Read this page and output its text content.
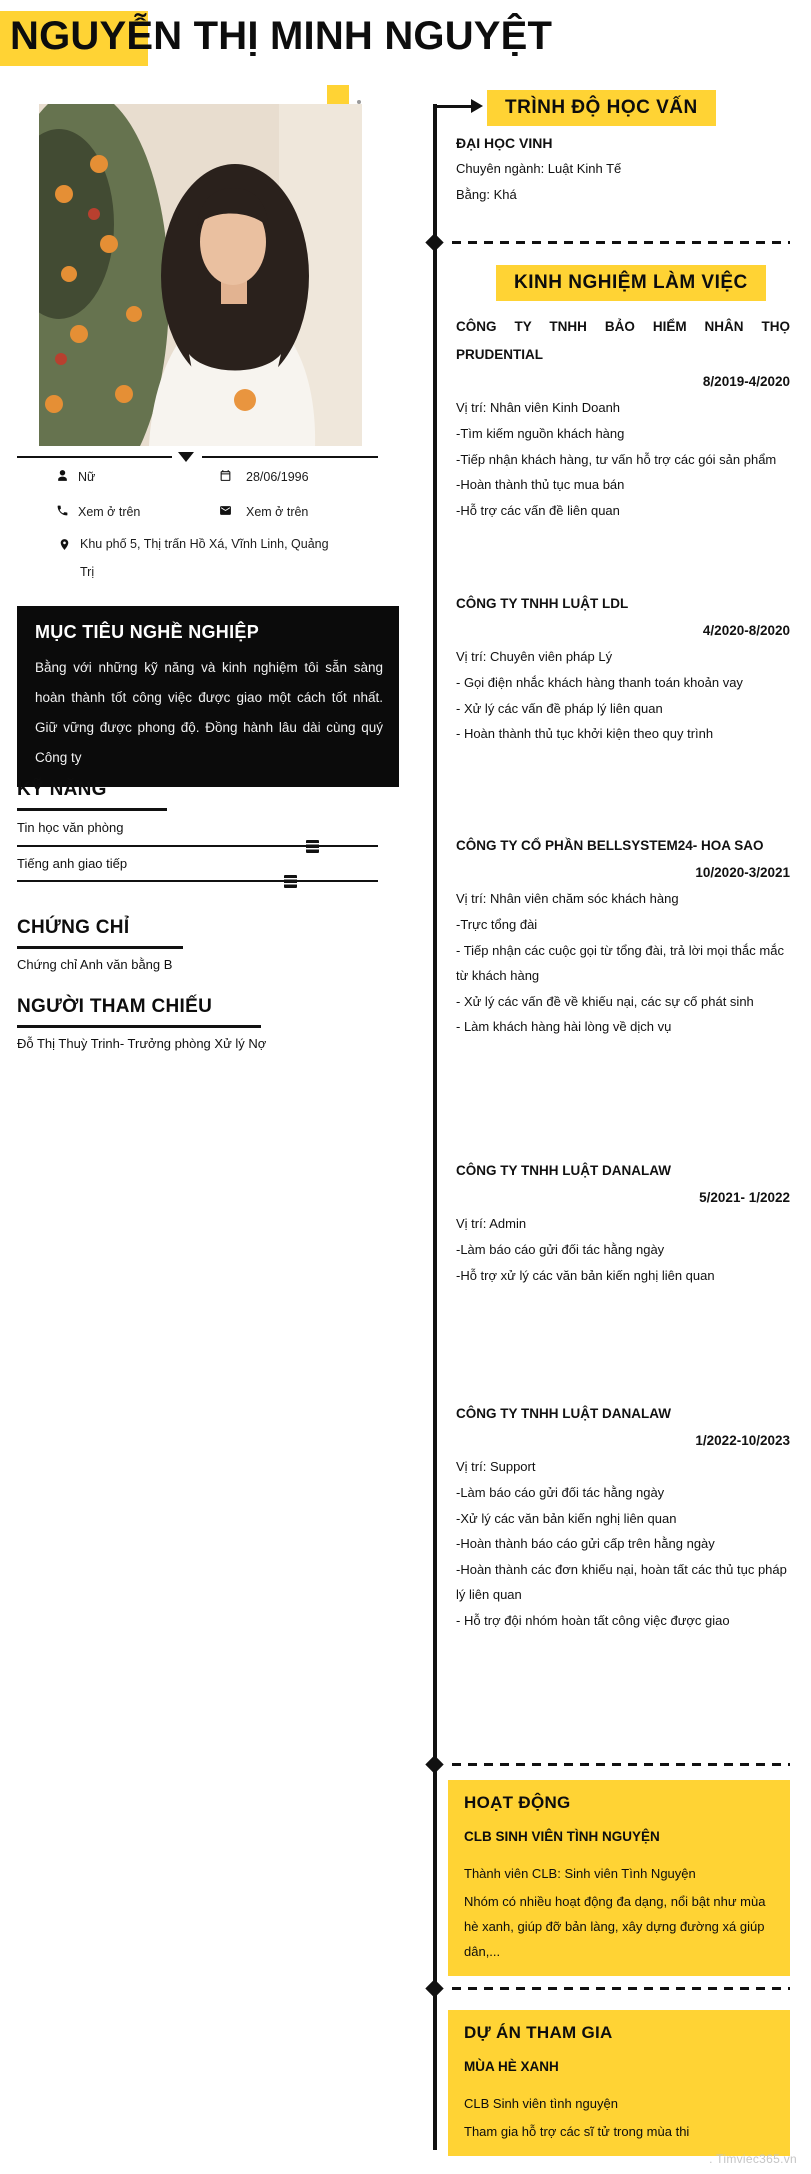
NGUYỄN THỊ MINH NGUYỆT
Nữ	28/06/1996
Xem ở trên	Xem ở trên
Khu phố 5, Thị trấn Hồ Xá, Vĩnh Linh, Quảng Trị
MỤC TIÊU NGHỀ NGHIỆP
Bằng với những kỹ năng và kinh nghiệm tôi sẵn sàng hoàn thành tốt công việc được giao một cách tốt nhất. Giữ vững được phong độ. Đồng hành lâu dài cùng quý Công ty
KỸ NĂNG
Tin học văn phòng
Tiếng anh giao tiếp
CHỨNG CHỈ
Chứng chỉ Anh văn bằng B
NGƯỜI THAM CHIẾU
Đỗ Thị Thuỳ Trinh- Trưởng phòng Xử lý Nợ
TRÌNH ĐỘ HỌC VẤN
ĐẠI HỌC VINH
Chuyên ngành: Luật Kinh Tế
Bằng: Khá
KINH NGHIỆM LÀM VIỆC
CÔNG TY TNHH BẢO HIỂM NHÂN THỌ PRUDENTIAL
8/2019-4/2020
Vị trí: Nhân viên Kinh Doanh
-Tìm kiếm nguồn khách hàng
-Tiếp nhận khách hàng, tư vấn hỗ trợ các gói sản phẩm
-Hoàn thành thủ tục mua bán
-Hỗ trợ các vấn đề liên quan
CÔNG TY TNHH LUẬT LDL
4/2020-8/2020
Vị trí: Chuyên viên pháp Lý
- Gọi điện nhắc khách hàng thanh toán khoản vay
- Xử lý các vấn đề pháp lý liên quan
- Hoàn thành thủ tục khởi kiện theo quy trình
CÔNG TY CỔ PHẦN BELLSYSTEM24- HOA SAO
10/2020-3/2021
Vị trí: Nhân viên chăm sóc khách hàng
-Trực tổng đài
- Tiếp nhận các cuộc gọi từ tổng đài, trả lời mọi thắc mắc từ khách hàng
- Xử lý các vấn đề về khiếu nại, các sự cố phát sinh
- Làm khách hàng hài lòng về dịch vụ
CÔNG TY TNHH LUẬT DANALAW
5/2021- 1/2022
Vị trí: Admin
-Làm báo cáo gửi đối tác hằng ngày
-Hỗ trợ xử lý các văn bản kiến nghị liên quan
CÔNG TY TNHH LUẬT DANALAW
1/2022-10/2023
Vị trí: Support
-Làm báo cáo gửi đối tác hằng ngày
-Xử lý các văn bản kiến nghị liên quan
-Hoàn thành báo cáo gửi cấp trên hằng ngày
-Hoàn thành các đơn khiếu nại, hoàn tất các thủ tục pháp lý liên quan
- Hỗ trợ đội nhóm hoàn tất công việc được giao
HOẠT ĐỘNG
CLB SINH VIÊN TÌNH NGUYỆN
Thành viên CLB: Sinh viên Tình Nguyện
Nhóm có nhiều hoạt động đa dạng, nổi bật như mùa hè xanh, giúp đỡ bản làng, xây dựng đường xá giúp dân,...
DỰ ÁN THAM GIA
MÙA HÈ XANH
CLB Sinh viên tình nguyện
Tham gia hỗ trợ các sĩ tử trong mùa thi
. Timviec365.vn
